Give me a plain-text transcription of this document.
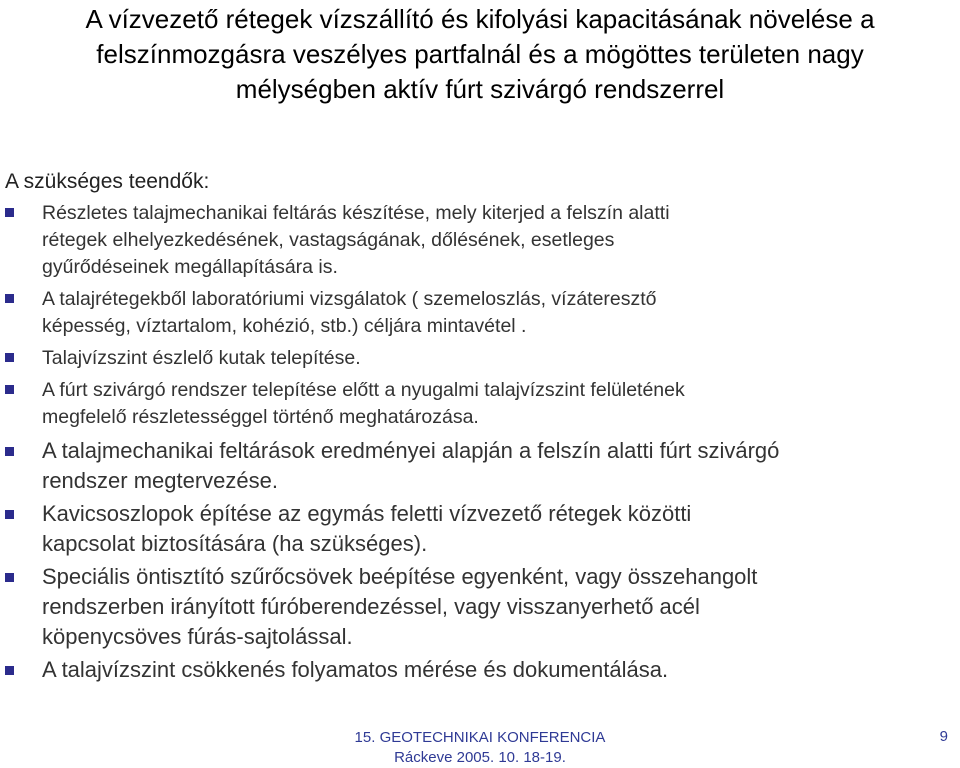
A vízvezető rétegek vízszállító és kifolyási kapacitásának növelése a
felszínmozgásra veszélyes partfalnál és a mögöttes területen nagy
mélységben aktív fúrt szivárgó rendszerrel
A szükséges teendők:
Részletes talajmechanikai feltárás készítése, mely kiterjed a felszín alatti
rétegek elhelyezkedésének, vastagságának, dőlésének, esetleges
gyűrődéseinek megállapítására is.
A talajrétegekből laboratóriumi vizsgálatok ( szemeloszlás, vízáteresztő
képesség, víztartalom, kohézió, stb.) céljára mintavétel .
Talajvízszint észlelő kutak telepítése.
A fúrt szivárgó rendszer telepítése előtt a nyugalmi talajvízszint felületének
megfelelő részletességgel történő meghatározása.
A talajmechanikai feltárások eredményei alapján a felszín alatti fúrt szivárgó
rendszer megtervezése.
Kavicsoszlopok építése az egymás feletti vízvezető rétegek közötti
kapcsolat biztosítására (ha szükséges).
Speciális öntisztító szűrőcsövek beépítése egyenként, vagy összehangolt
rendszerben irányított fúróberendezéssel, vagy visszanyerhető acél
köpenycsöves fúrás-sajtolással.
A talajvízszint csökkenés folyamatos mérése és dokumentálása.
15. GEOTECHNIKAI KONFERENCIA
Ráckeve 2005. 10. 18-19.
9
